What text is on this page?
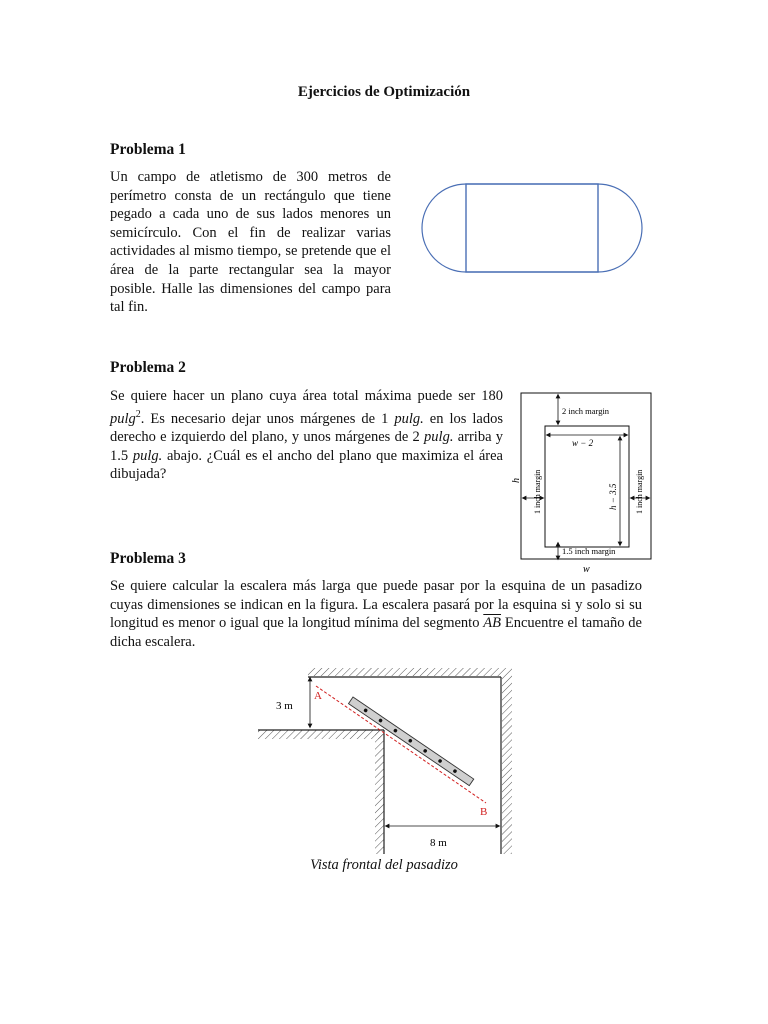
Ejercicios de Optimización
Problema 1
Un campo de atletismo de 300 metros de perímetro consta de un rectángulo que tiene pegado a cada uno de sus lados menores un semicírculo. Con el fin de realizar varias actividades al mismo tiempo, se pretende que el área de la parte rectangular sea la mayor posible. Halle las dimensiones del campo para tal fin.
Problema 2
Se quiere hacer un plano cuya área total máxima puede ser 180 pulg$^2$. Es necesario dejar unos márgenes de 1 pulg. en los lados derecho e izquierdo del plano, y unos márgenes de 2 pulg. arriba y 1.5 pulg. abajo. ¿Cuál es el ancho del plano que maximiza el área dibujada?
2 inch margin
w − 2
h − 3.5
1 inch margin	1 inch margin
1.5 inch margin
h
w
Problema 3
Se quiere calcular la escalera más larga que puede pasar por la esquina de un pasadizo cuyas dimensiones se indican en la figura. La escalera pasará por la esquina si y solo si su longitud es menor o igual que la longitud mínima del segmento $\overline{AB}$ Encuentre el tamaño de dicha escalera.
3 m
A
B
8 m
Vista frontal del pasadizo
